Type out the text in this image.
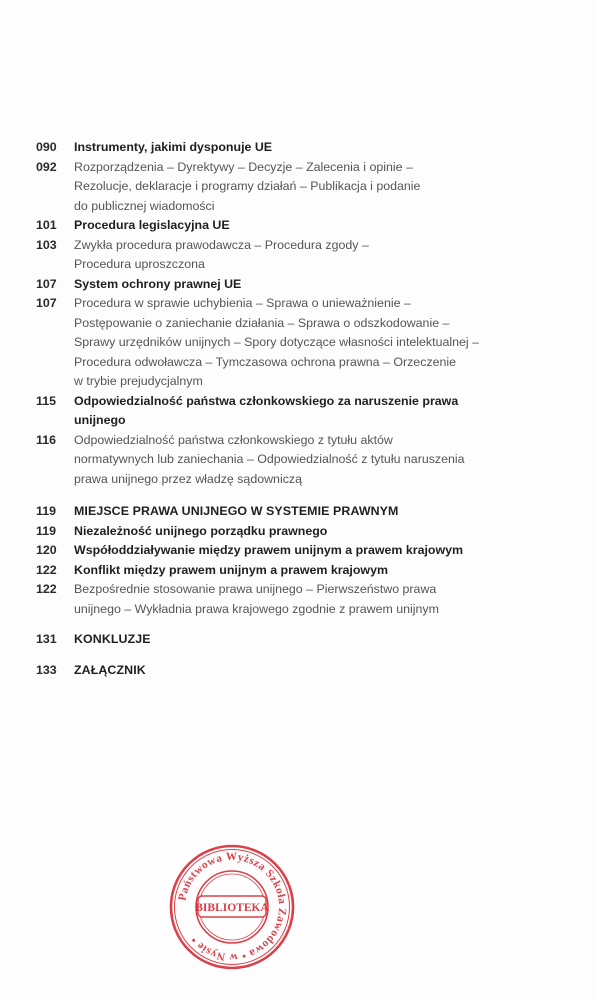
090	Instrumenty, jakimi dysponuje UE
092	Rozporządzenia – Dyrektywy – Decyzje – Zalecenia i opinie –
Rezolucje, deklaracje i programy działań – Publikacja i podanie
do publicznej wiadomości
101	Procedura legislacyjna UE
103	Zwykła procedura prawodawcza – Procedura zgody –
Procedura uproszczona
107	System ochrony prawnej UE
107	Procedura w sprawie uchybienia – Sprawa o unieważnienie –
Postępowanie o zaniechanie działania – Sprawa o odszkodowanie –
Sprawy urzędników unijnych – Spory dotyczące własności intelektualnej –
Procedura odwoławcza – Tymczasowa ochrona prawna – Orzeczenie
w trybie prejudycjalnym
115	Odpowiedzialność państwa członkowskiego za naruszenie prawa
unijnego
116	Odpowiedzialność państwa członkowskiego z tytułu aktów
normatywnych lub zaniechania – Odpowiedzialność z tytułu naruszenia
prawa unijnego przez władzę sądowniczą
119	MIEJSCE PRAWA UNIJNEGO W SYSTEMIE PRAWNYM
119	Niezależność unijnego porządku prawnego
120	Współoddziaływanie między prawem unijnym a prawem krajowym
122	Konflikt między prawem unijnym a prawem krajowym
122	Bezpośrednie stosowanie prawa unijnego – Pierwszeństwo prawa
unijnego – Wykładnia prawa krajowego zgodnie z prawem unijnym
131	KONKLUZJE
133	ZAŁĄCZNIK
Państwowa Wyższa Szkoła Zawodowa • w Nysie •
BIBLIOTEKA
